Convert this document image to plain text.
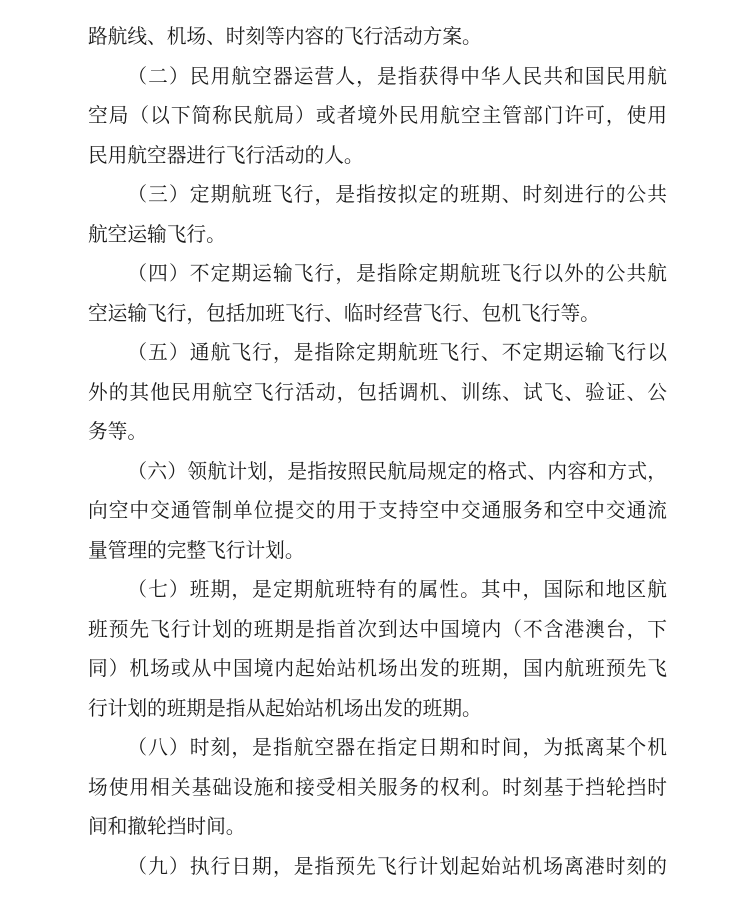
路航线、机场、时刻等内容的飞行活动方案。
（二）民用航空器运营人，是指获得中华人民共和国民用航
空局（以下简称民航局）或者境外民用航空主管部门许可，使用
民用航空器进行飞行活动的人。
（三）定期航班飞行，是指按拟定的班期、时刻进行的公共
航空运输飞行。
（四）不定期运输飞行，是指除定期航班飞行以外的公共航
空运输飞行，包括加班飞行、临时经营飞行、包机飞行等。
（五）通航飞行，是指除定期航班飞行、不定期运输飞行以
外的其他民用航空飞行活动，包括调机、训练、试飞、验证、公
务等。
（六）领航计划，是指按照民航局规定的格式、内容和方式，
向空中交通管制单位提交的用于支持空中交通服务和空中交通流
量管理的完整飞行计划。
（七）班期，是定期航班特有的属性。其中，国际和地区航
班预先飞行计划的班期是指首次到达中国境内（不含港澳台，下
同）机场或从中国境内起始站机场出发的班期，国内航班预先飞
行计划的班期是指从起始站机场出发的班期。
（八）时刻，是指航空器在指定日期和时间，为抵离某个机
场使用相关基础设施和接受相关服务的权利。时刻基于挡轮挡时
间和撤轮挡时间。
（九）执行日期，是指预先飞行计划起始站机场离港时刻的
